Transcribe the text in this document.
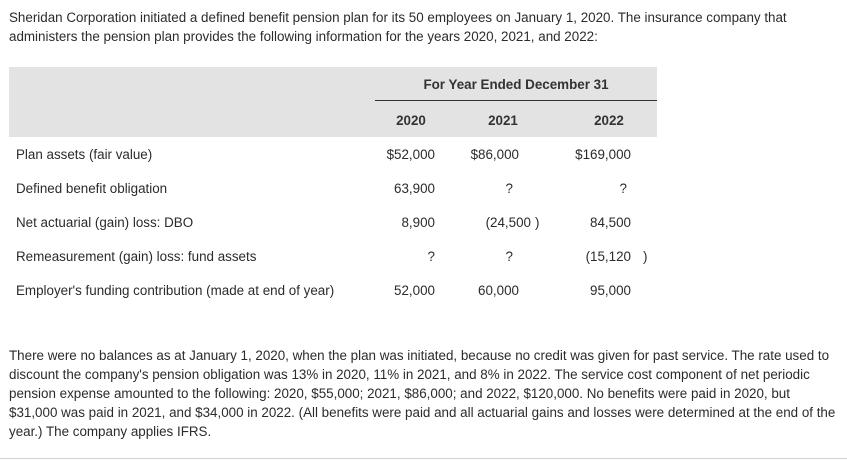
Sheridan Corporation initiated a defined benefit pension plan for its 50 employees on January 1, 2020. The insurance company that administers the pension plan provides the following information for the years 2020, 2021, and 2022:

For Year Ended December 31
2020	2021	2022
Plan assets (fair value)	$52,000	$86,000	$169,000
Defined benefit obligation	63,900	?	?
Net actuarial (gain) loss: DBO	8,900	(24,500 )	84,500
Remeasurement (gain) loss: fund assets	?	?	(15,120 )
Employer's funding contribution (made at end of year)	52,000	60,000	95,000

There were no balances as at January 1, 2020, when the plan was initiated, because no credit was given for past service. The rate used to discount the company's pension obligation was 13% in 2020, 11% in 2021, and 8% in 2022. The service cost component of net periodic pension expense amounted to the following: 2020, $55,000; 2021, $86,000; and 2022, $120,000. No benefits were paid in 2020, but $31,000 was paid in 2021, and $34,000 in 2022. (All benefits were paid and all actuarial gains and losses were determined at the end of the year.) The company applies IFRS.
